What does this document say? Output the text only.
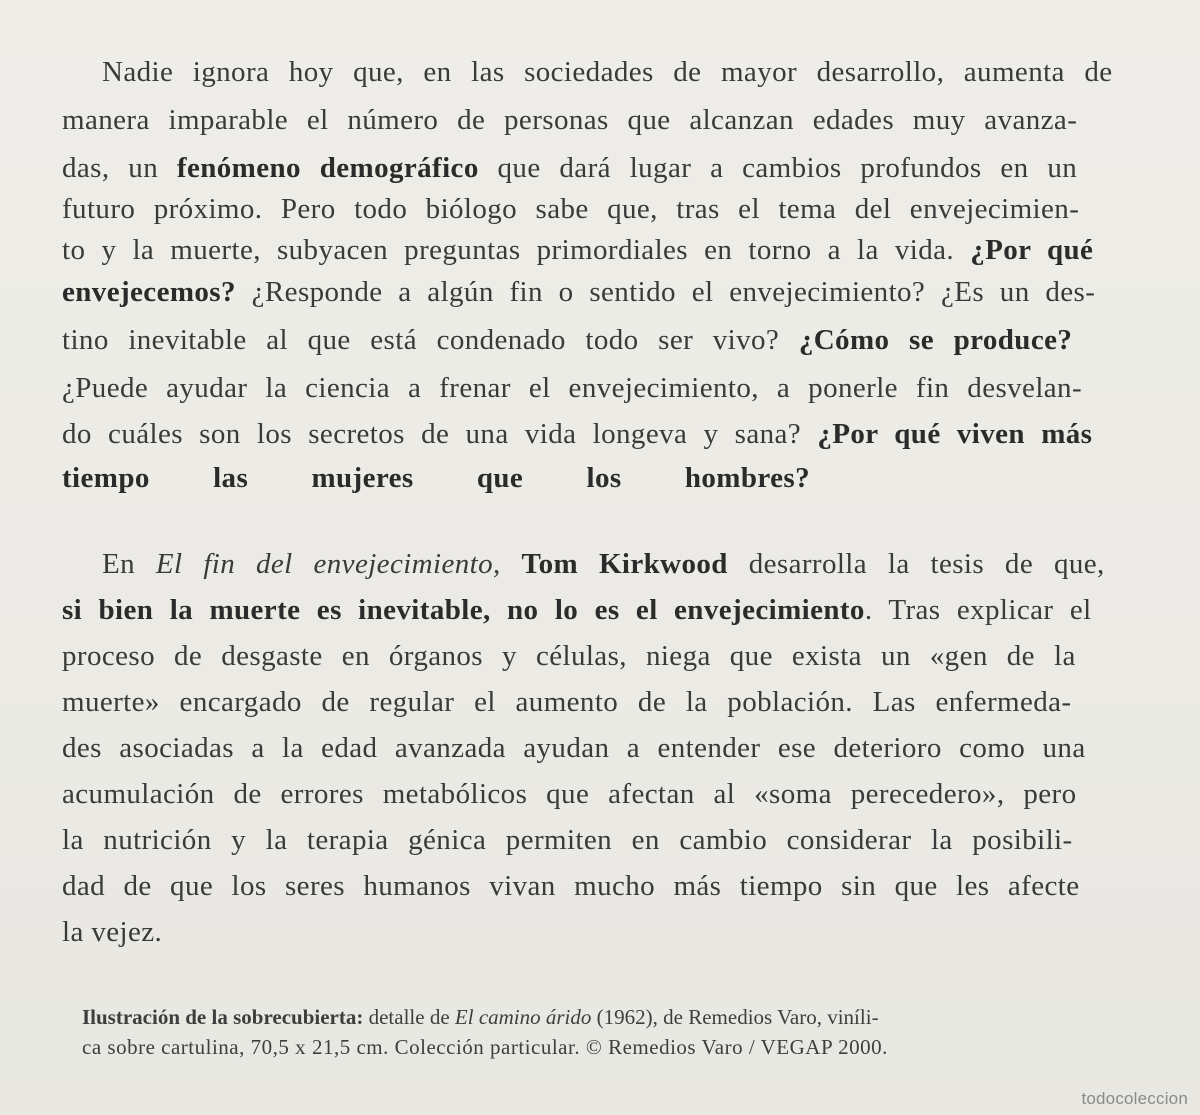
Nadie ignora hoy que, en las sociedades de mayor desarrollo, aumenta de
manera imparable el número de personas que alcanzan edades muy avanza-
das, un fenómeno demográfico que dará lugar a cambios profundos en un
futuro próximo. Pero todo biólogo sabe que, tras el tema del envejecimien-
to y la muerte, subyacen preguntas primordiales en torno a la vida. ¿Por qué
envejecemos? ¿Responde a algún fin o sentido el envejecimiento? ¿Es un des-
tino inevitable al que está condenado todo ser vivo? ¿Cómo se produce?
¿Puede ayudar la ciencia a frenar el envejecimiento, a ponerle fin desvelan-
do cuáles son los secretos de una vida longeva y sana? ¿Por qué viven más
tiempo las mujeres que los hombres?
En El fin del envejecimiento, Tom Kirkwood desarrolla la tesis de que,
si bien la muerte es inevitable, no lo es el envejecimiento. Tras explicar el
proceso de desgaste en órganos y células, niega que exista un «gen de la
muerte» encargado de regular el aumento de la población. Las enfermeda-
des asociadas a la edad avanzada ayudan a entender ese deterioro como una
acumulación de errores metabólicos que afectan al «soma perecedero», pero
la nutrición y la terapia génica permiten en cambio considerar la posibili-
dad de que los seres humanos vivan mucho más tiempo sin que les afecte
la vejez.
Ilustración de la sobrecubierta: detalle de El camino árido (1962), de Remedios Varo, viníli-
ca sobre cartulina, 70,5 x 21,5 cm. Colección particular. © Remedios Varo / VEGAP 2000.
todocoleccion
